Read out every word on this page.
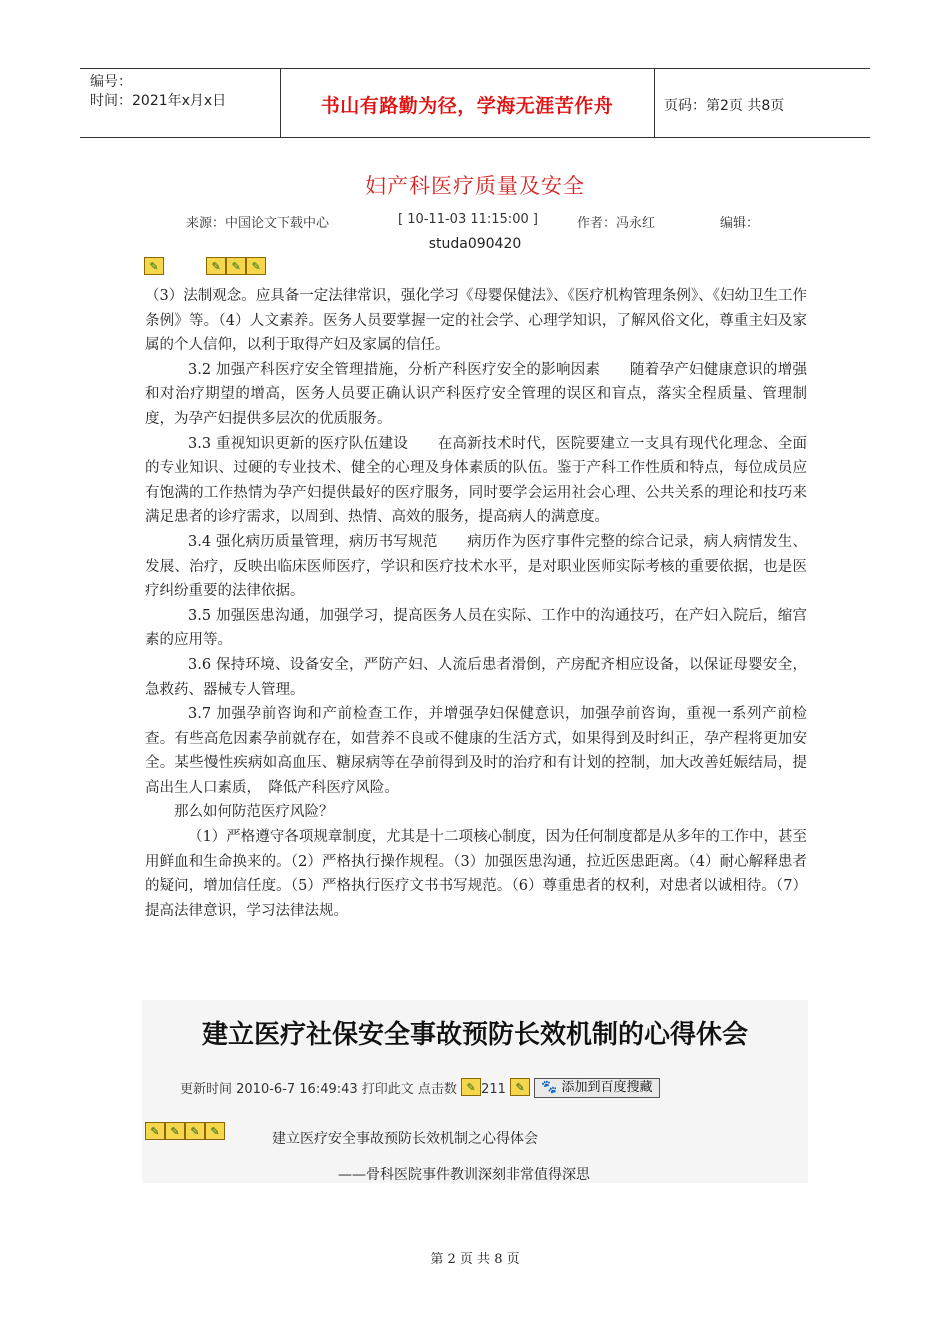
编号：
时间：2021年x月x日	书山有路勤为径，学海无涯苦作舟	页码：第2页 共8页
妇产科医疗质量及安全
来源：中国论文下载中心	[ 10-11-03 11:15:00 ]	作者：冯永红	编辑：
studa090420
✎	✎ ✎ ✎

（3）法制观念。应具备一定法律常识，强化学习《母婴保健法》、《医疗机构管理条例》、《妇幼卫生工作条例》等。（4）人文素养。医务人员要掌握一定的社会学、心理学知识，了解风俗文化，尊重主妇及家属的个人信仰，以利于取得产妇及家属的信任。

3.2 加强产科医疗安全管理措施，分析产科医疗安全的影响因素　　随着孕产妇健康意识的增强和对治疗期望的增高，医务人员要正确认识产科医疗安全管理的误区和盲点，落实全程质量、管理制度，为孕产妇提供多层次的优质服务。

3.3 重视知识更新的医疗队伍建设　　在高新技术时代，医院要建立一支具有现代化理念、全面的专业知识、过硬的专业技术、健全的心理及身体素质的队伍。鉴于产科工作性质和特点，每位成员应有饱满的工作热情为孕产妇提供最好的医疗服务，同时要学会运用社会心理、公共关系的理论和技巧来满足患者的诊疗需求，以周到、热情、高效的服务，提高病人的满意度。

3.4 强化病历质量管理，病历书写规范　　病历作为医疗事件完整的综合记录，病人病情发生、发展、治疗，反映出临床医师医疗，学识和医疗技术水平，是对职业医师实际考核的重要依据，也是医疗纠纷重要的法律依据。

3.5 加强医患沟通，加强学习，提高医务人员在实际、工作中的沟通技巧，在产妇入院后，缩宫素的应用等。

3.6 保持环境、设备安全，严防产妇、人流后患者滑倒，产房配齐相应设备，以保证母婴安全，急救药、器械专人管理。

3.7 加强孕前咨询和产前检查工作，并增强孕妇保健意识，加强孕前咨询，重视一系列产前检查。有些高危因素孕前就存在，如营养不良或不健康的生活方式，如果得到及时纠正，孕产程将更加安全。某些慢性疾病如高血压、糖尿病等在孕前得到及时的治疗和有计划的控制，加大改善妊娠结局，提高出生人口素质，　降低产科医疗风险。

那么如何防范医疗风险？

（1）严格遵守各项规章制度，尤其是十二项核心制度，因为任何制度都是从多年的工作中，甚至用鲜血和生命换来的。（2）严格执行操作规程。（3）加强医患沟通，拉近医患距离。（4）耐心解释患者的疑问，增加信任度。（5）严格执行医疗文书书写规范。（6）尊重患者的权利，对患者以诚相待。（7）提高法律意识，学习法律法规。

建立医疗社保安全事故预防长效机制的心得休会
更新时间 2010-6-7 16:49:43 打印此文 点击数 ✎ 211 ✎ 🐾 添加到百度搜藏
✎ ✎ ✎ ✎	建立医疗安全事故预防长效机制之心得体会
——骨科医院事件教训深刻非常值得深思
第 2 页 共 8 页
